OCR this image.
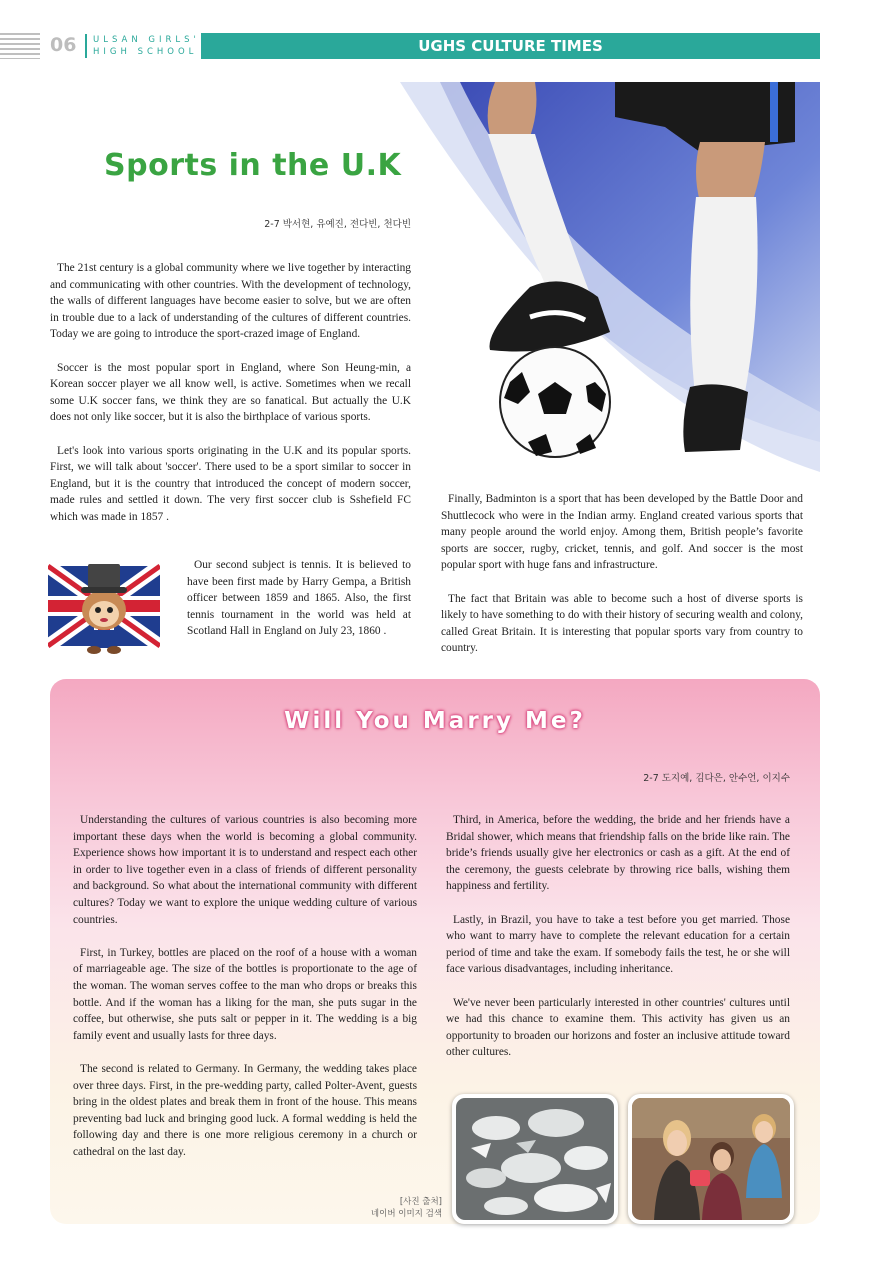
06 ULSAN GIRLS'
HIGH SCHOOL	UGHS CULTURE TIMES
Sports in the U.K
2-7 박서현, 유예진, 전다빈, 천다빈

The 21st century is a global community where we live together by interacting and communicating with other countries. With the development of technology, the walls of different languages have become easier to solve, but we are often in trouble due to a lack of understanding of the cultures of different countries. Today we are going to introduce the sport-crazed image of England.

Soccer is the most popular sport in England, where Son Heung-min, a Korean soccer player we all know well, is active. Sometimes when we recall some U.K soccer fans, we think they are so fanatical. But actually the U.K does not only like soccer, but it is also the birthplace of various sports.

Let's look into various sports originating in the U.K and its popular sports. First, we will talk about 'soccer'. There used to be a sport similar to soccer in England, but it is the country that introduced the concept of modern soccer, made rules and settled it down. The very first soccer club is Sshefield FC which was made in 1857 .

Our second subject is tennis. It is believed to have been first made by Harry Gempa, a British officer between 1859 and 1865. Also, the first tennis tournament in the world was held at Scotland Hall in England on July 23, 1860 .

Finally, Badminton is a sport that has been developed by the Battle Door and Shuttlecock who were in the Indian army. England created various sports that many people around the world enjoy. Among them, British people’s favorite sports are soccer, rugby, cricket, tennis, and golf. And soccer is the most popular sport with huge fans and infrastructure.

The fact that Britain was able to become such a host of diverse sports is likely to have something to do with their history of securing wealth and colony, called Great Britain. It is interesting that popular sports vary from country to country.

Will You Marry Me?
2-7 도지예, 김다은, 안수언, 이지수

Understanding the cultures of various countries is also becoming more important these days when the world is becoming a global community. Experience shows how important it is to understand and respect each other in order to live together even in a class of friends of different personality and background. So what about the international community with different cultures? Today we want to explore the unique wedding culture of various countries.

First, in Turkey, bottles are placed on the roof of a house with a woman of marriageable age. The size of the bottles is proportionate to the age of the woman. The woman serves coffee to the man who drops or breaks this bottle. And if the woman has a liking for the man, she puts sugar in the coffee, but otherwise, she puts salt or pepper in it. The wedding is a big family event and usually lasts for three days.

The second is related to Germany. In Germany, the wedding takes place over three days. First, in the pre-wedding party, called Polter-Avent, guests bring in the oldest plates and break them in front of the house. This means preventing bad luck and bringing good luck. A formal wedding is held the following day and there is one more religious ceremony in a church or cathedral on the last day.

Third, in America, before the wedding, the bride and her friends have a Bridal shower, which means that friendship falls on the bride like rain. The bride’s friends usually give her electronics or cash as a gift. At the end of the ceremony, the guests celebrate by throwing rice balls, wishing them happiness and fertility.

Lastly, in Brazil, you have to take a test before you get married. Those who want to marry have to complete the relevant education for a certain period of time and take the exam. If somebody fails the test, he or she will face various disadvantages, including inheritance.

We've never been particularly interested in other countries' cultures until we had this chance to examine them. This activity has given us an opportunity to broaden our horizons and foster an inclusive attitude toward other cultures.

[사진 출처]
네이버 이미지 검색
